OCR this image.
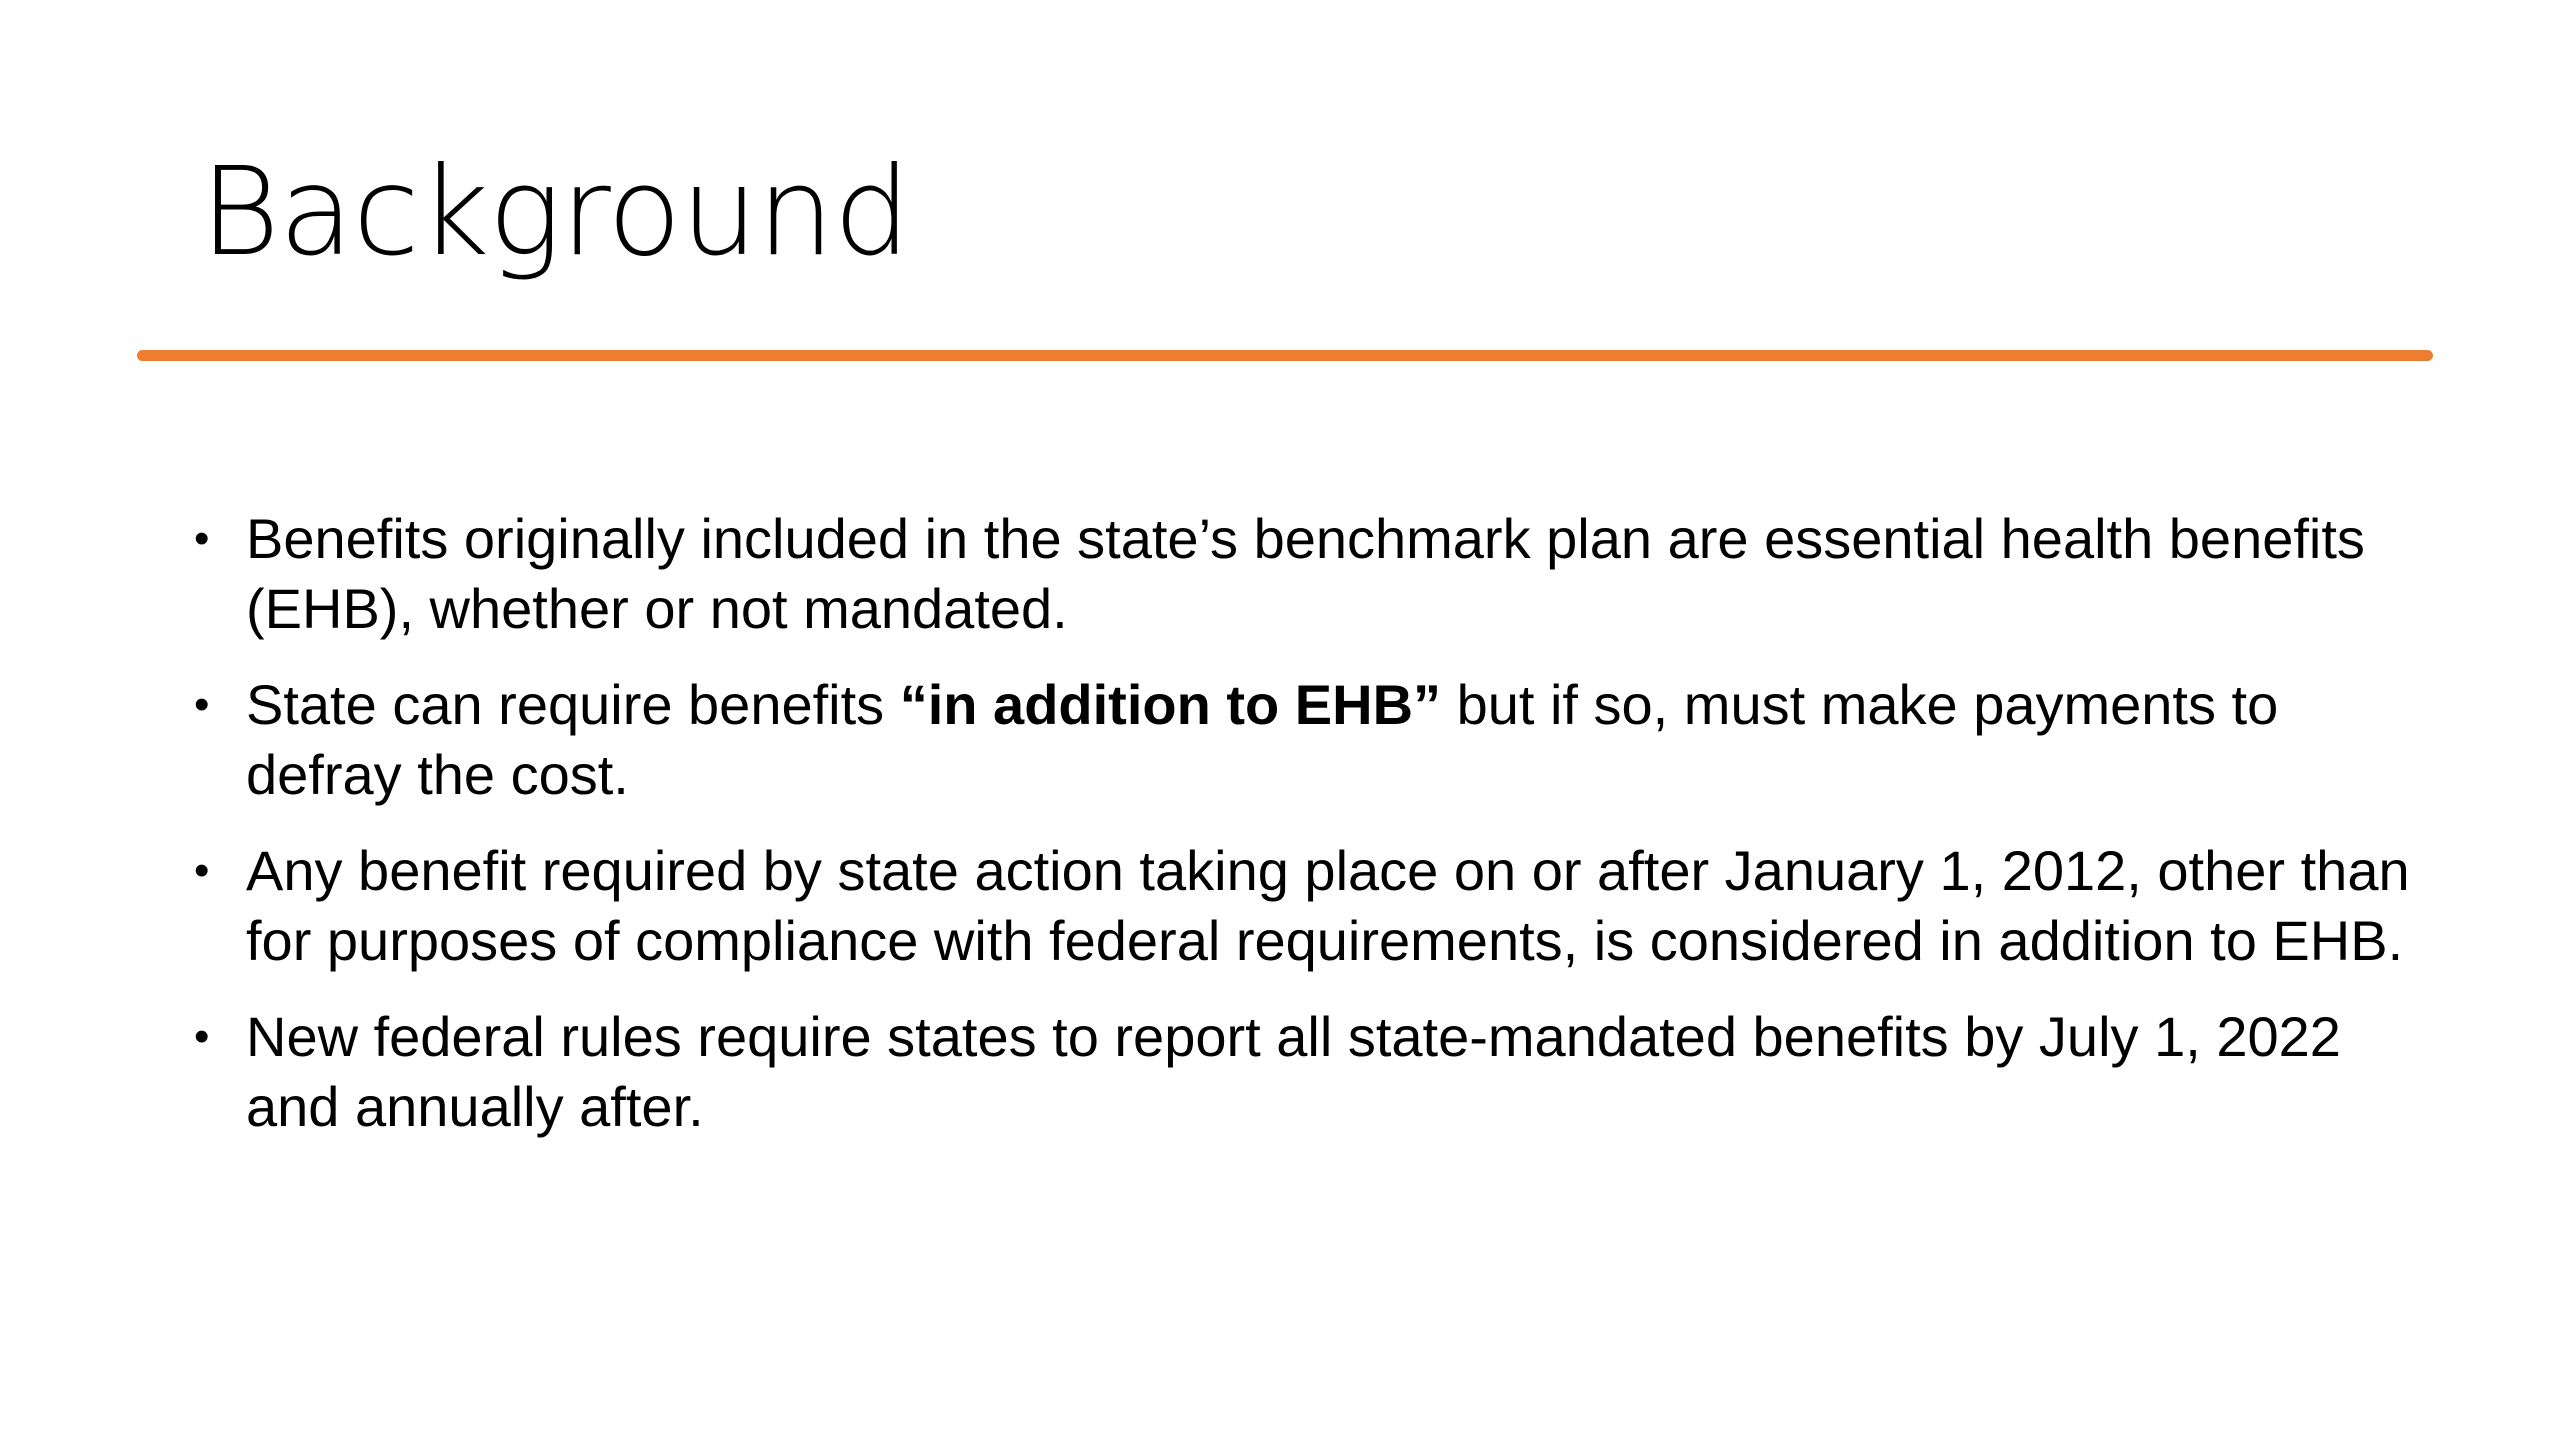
Background
• Benefits originally included in the state’s benchmark plan are essential health benefits (EHB), whether or not mandated.
• State can require benefits “in addition to EHB” but if so, must make payments to defray the cost.
• Any benefit required by state action taking place on or after January 1, 2012, other than for purposes of compliance with federal requirements, is considered in addition to EHB.
• New federal rules require states to report all state-mandated benefits by July 1, 2022 and annually after.
